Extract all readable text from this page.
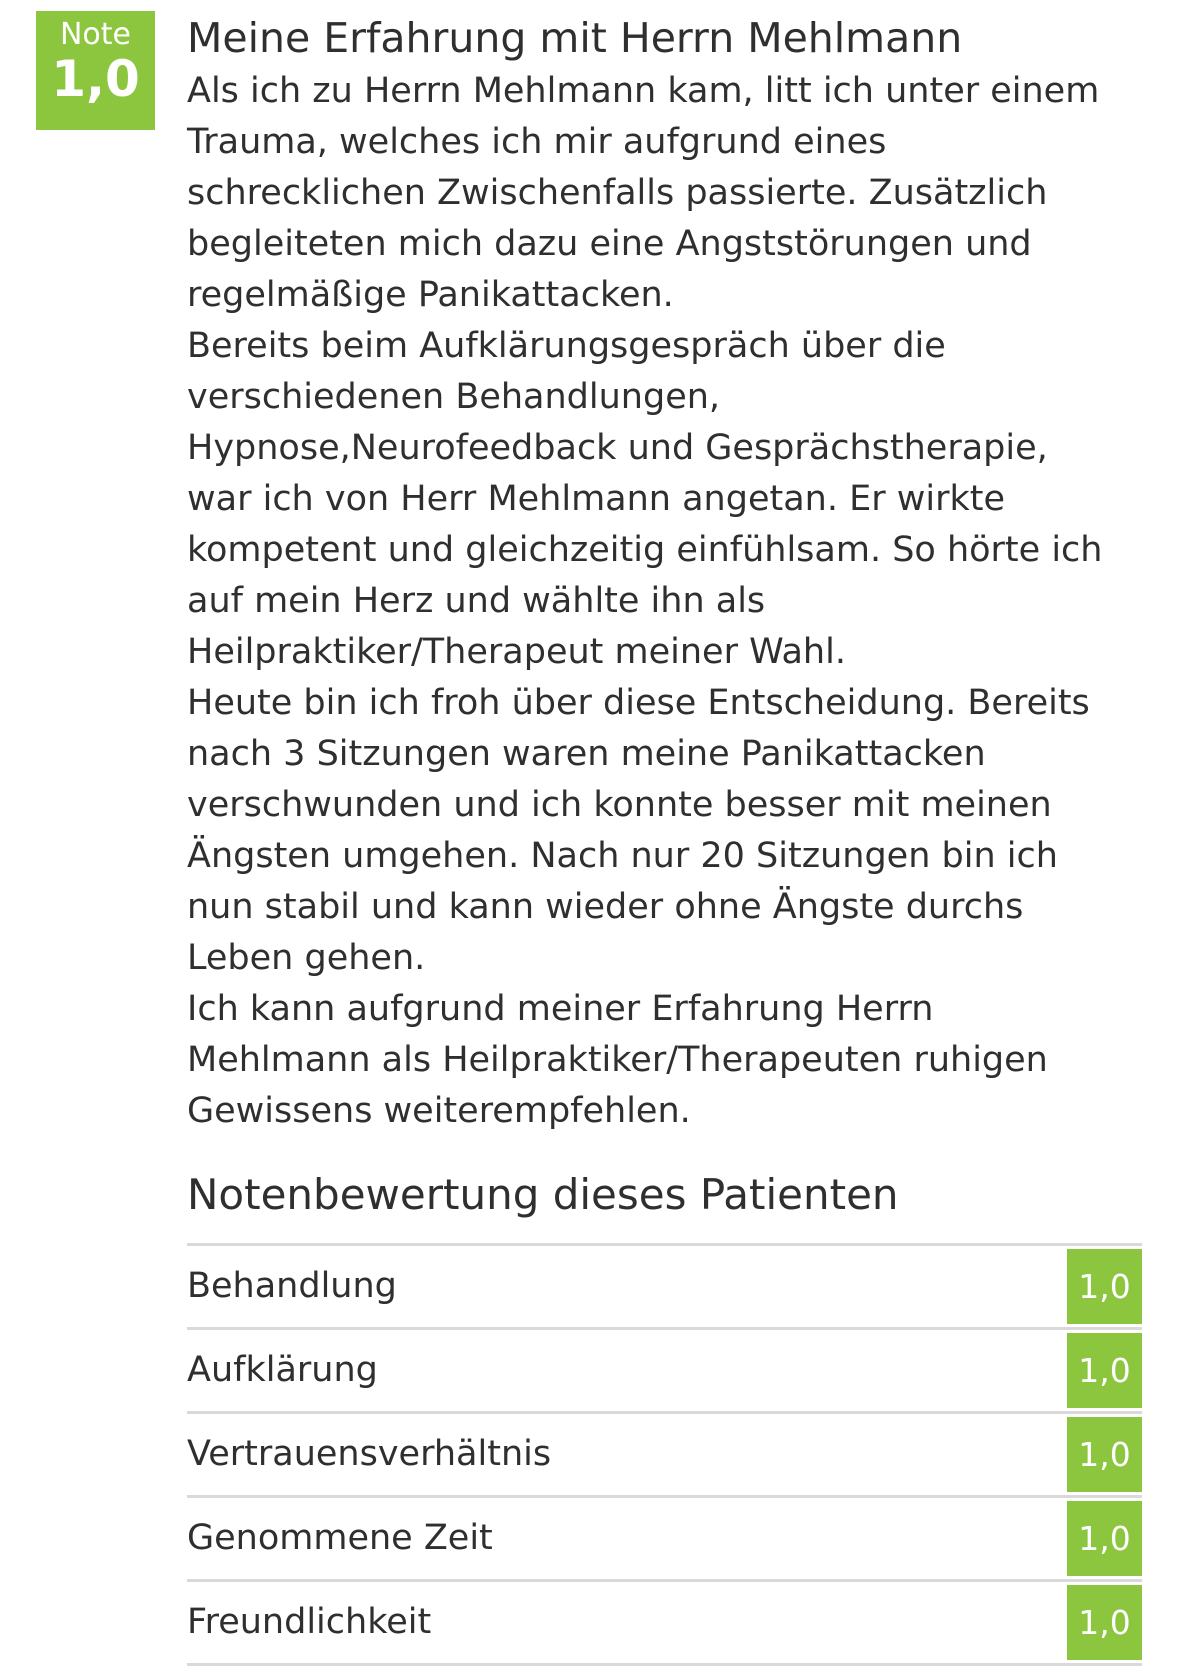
Note
1,0
Meine Erfahrung mit Herrn Mehlmann
Als ich zu Herrn Mehlmann kam, litt ich unter einem
Trauma, welches ich mir aufgrund eines
schrecklichen Zwischenfalls passierte. Zusätzlich
begleiteten mich dazu eine Angststörungen und
regelmäßige Panikattacken.
Bereits beim Aufklärungsgespräch über die
verschiedenen Behandlungen,
Hypnose,Neurofeedback und Gesprächstherapie,
war ich von Herr Mehlmann angetan. Er wirkte
kompetent und gleichzeitig einfühlsam. So hörte ich
auf mein Herz und wählte ihn als
Heilpraktiker/Therapeut meiner Wahl.
Heute bin ich froh über diese Entscheidung. Bereits
nach 3 Sitzungen waren meine Panikattacken
verschwunden und ich konnte besser mit meinen
Ängsten umgehen. Nach nur 20 Sitzungen bin ich
nun stabil und kann wieder ohne Ängste durchs
Leben gehen.
Ich kann aufgrund meiner Erfahrung Herrn
Mehlmann als Heilpraktiker/Therapeuten ruhigen
Gewissens weiterempfehlen.
Notenbewertung dieses Patienten
Behandlung	1,0
Aufklärung	1,0
Vertrauensverhältnis	1,0
Genommene Zeit	1,0
Freundlichkeit	1,0
